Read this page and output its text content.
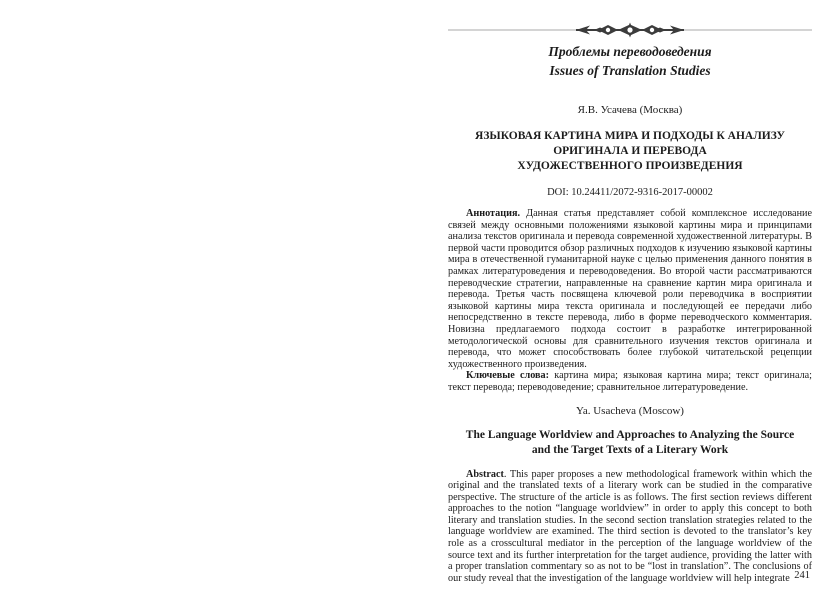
Проблемы переводоведения
Issues of Translation Studies
Я.В. Усачева (Москва)
ЯЗЫКОВАЯ КАРТИНА МИРА И ПОДХОДЫ К АНАЛИЗУ
ОРИГИНАЛА И ПЕРЕВОДА
ХУДОЖЕСТВЕННОГО ПРОИЗВЕДЕНИЯ
DOI: 10.24411/2072-9316-2017-00002

Аннотация. Данная статья представляет собой комплексное исследование связей между основными положениями языковой картины мира и принципами анализа текстов оригинала и перевода современной художественной литературы. В первой части проводится обзор различных подходов к изучению языковой картины мира в отечественной гуманитарной науке с целью применения данного понятия в рамках литературоведения и переводоведения. Во второй части рассматриваются переводческие стратегии, направленные на сравнение картин мира оригинала и перевода. Третья часть посвящена ключевой роли переводчика в восприятии языковой картины мира текста оригинала и последующей ее передачи либо непосредственно в тексте перевода, либо в форме переводческого комментария. Новизна предлагаемого подхода состоит в разработке интегрированной методологической основы для сравнительного изучения текстов оригинала и перевода, что может способствовать более глубокой читательской рецепции художественного произведения.

Ключевые слова: картина мира; языковая картина мира; текст оригинала; текст перевода; переводоведение; сравнительное литературоведение.

Ya. Usacheva (Moscow)
The Language Worldview and Approaches to Analyzing the Source
and the Target Texts of a Literary Work

Abstract. This paper proposes a new methodological framework within which the original and the translated texts of a literary work can be studied in the comparative perspective. The structure of the article is as follows. The first section reviews different approaches to the notion “language worldview” in order to apply this concept to both literary and translation studies. In the second section translation strategies related to the language worldview are examined. The third section is devoted to the translator’s key role as a crosscultural mediator in the perception of the language worldview of the source text and its further interpretation for the target audience, providing the latter with a proper translation commentary so as not to be “lost in translation”. The conclusions of our study reveal that the investigation of the language worldview will help integrate 241
